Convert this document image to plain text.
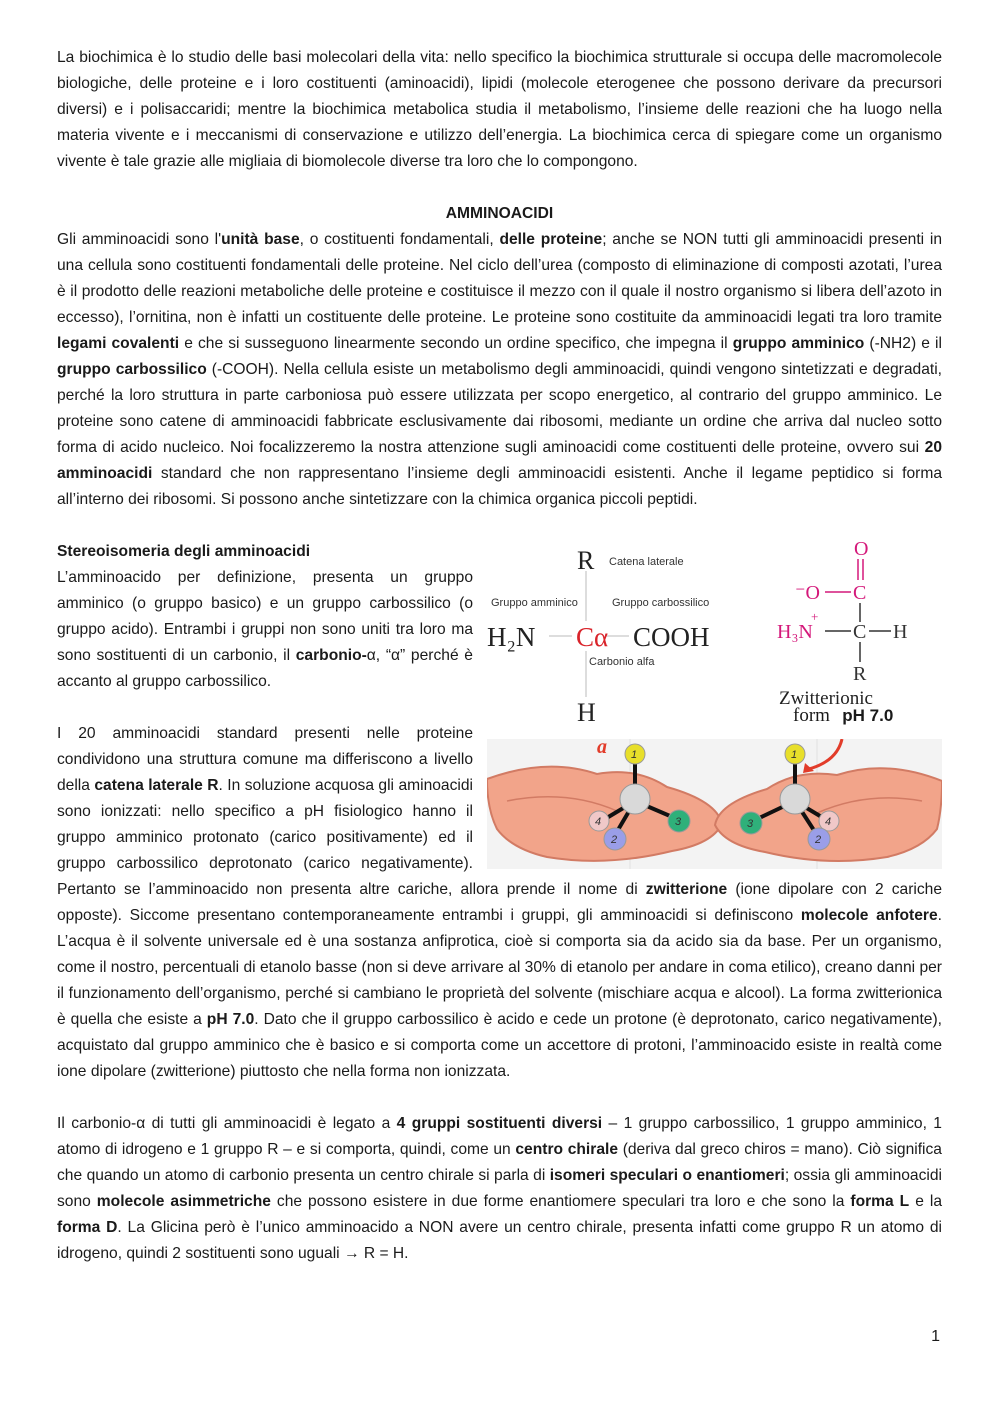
La biochimica è lo studio delle basi molecolari della vita: nello specifico la biochimica strutturale si occupa delle macromolecole biologiche, delle proteine e i loro costituenti (aminoacidi), lipidi (molecole eterogenee che possono derivare da precursori diversi) e i polisaccaridi; mentre la biochimica metabolica studia il metabolismo, l’insieme delle reazioni che ha luogo nella materia vivente e i meccanismi di conservazione e utilizzo dell’energia. La biochimica cerca di spiegare come un organismo vivente è tale grazie alle migliaia di biomolecole diverse tra loro che lo compongono.

AMMINOACIDI

Gli amminoacidi sono l'unità base, o costituenti fondamentali, delle proteine; anche se NON tutti gli amminoacidi presenti in una cellula sono costituenti fondamentali delle proteine. Nel ciclo dell’urea (composto di eliminazione di composti azotati, l’urea è il prodotto delle reazioni metaboliche delle proteine e costituisce il mezzo con il quale il nostro organismo si libera dell’azoto in eccesso), l’ornitina, non è infatti un costituente delle proteine. Le proteine sono costituite da amminoacidi legati tra loro tramite legami covalenti e che si susseguono linearmente secondo un ordine specifico, che impegna il gruppo amminico (-NH2) e il gruppo carbossilico (-COOH). Nella cellula esiste un metabolismo degli amminoacidi, quindi vengono sintetizzati e degradati, perché la loro struttura in parte carboniosa può essere utilizzata per scopo energetico, al contrario del gruppo amminico. Le proteine sono catene di amminoacidi fabbricate esclusivamente dai ribosomi, mediante un ordine che arriva dal nucleo sotto forma di acido nucleico. Noi focalizzeremo la nostra attenzione sugli aminoacidi come costituenti delle proteine, ovvero sui 20 amminoacidi standard che non rappresentano l’insieme degli amminoacidi esistenti. Anche il legame peptidico si forma all’interno dei ribosomi. Si possono anche sintetizzare con la chimica organica piccoli peptidi.

R Catena laterale
Gruppo amminico	Gruppo carbossilico
H₂N Cα COOH
Carbonio alfa
H
O
⁻O C
H₃N
+
C H
R
Zwitterionic
form pH 7.0
1
2
3
4
1
2
3	4
a

Stereoisomeria degli amminoacidi

L’amminoacido per definizione, presenta un gruppo amminico (o gruppo basico) e un gruppo carbossilico (o gruppo acido). Entrambi i gruppi non sono uniti tra loro ma sono sostituenti di un carbonio, il carbonio-α, “α” perché è accanto al gruppo carbossilico.

I 20 amminoacidi standard presenti nelle proteine condividono una struttura comune ma differiscono a livello della catena laterale R. In soluzione acquosa gli aminoacidi sono ionizzati: nello specifico a pH fisiologico hanno il gruppo amminico protonato (carico positivamente) ed il gruppo carbossilico deprotonato (carico negativamente). Pertanto se l’amminoacido non presenta altre cariche, allora prende il nome di zwitterione (ione dipolare con 2 cariche opposte). Siccome presentano contemporaneamente entrambi i gruppi, gli amminoacidi si definiscono molecole anfotere. L’acqua è il solvente universale ed è una sostanza anfiprotica, cioè si comporta sia da acido sia da base. Per un organismo, come il nostro, percentuali di etanolo basse (non si deve arrivare al 30% di etanolo per andare in coma etilico), creano danni per il funzionamento dell’organismo, perché si cambiano le proprietà del solvente (mischiare acqua e alcool). La forma zwitterionica è quella che esiste a pH 7.0. Dato che il gruppo carbossilico è acido e cede un protone (è deprotonato, carico negativamente), acquistato dal gruppo amminico che è basico e si comporta come un accettore di protoni, l’amminoacido esiste in realtà come ione dipolare (zwitterione) piuttosto che nella forma non ionizzata.

Il carbonio-α di tutti gli amminoacidi è legato a 4 gruppi sostituenti diversi – 1 gruppo carbossilico, 1 gruppo amminico, 1 atomo di idrogeno e 1 gruppo R – e si comporta, quindi, come un centro chirale (deriva dal greco chiros = mano). Ciò significa che quando un atomo di carbonio presenta un centro chirale si parla di isomeri speculari o enantiomeri; ossia gli amminoacidi sono molecole asimmetriche che possono esistere in due forme enantiomere speculari tra loro e che sono la forma L e la forma D. La Glicina però è l’unico amminoacido a NON avere un centro chirale, presenta infatti come gruppo R un atomo di idrogeno, quindi 2 sostituenti sono uguali → R = H.

1
